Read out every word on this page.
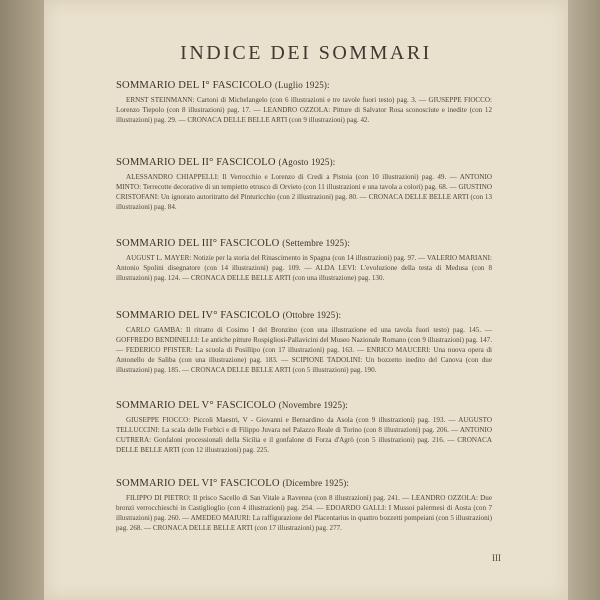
INDICE DEI SOMMARI
SOMMARIO DEL I° FASCICOLO (Luglio 1925):

ERNST STEINMANN: Cartoni di Michelangelo (con 6 illustrazioni e tre tavole fuori testo) pag. 3. — GIUSEPPE FIOCCO: Lorenzo Tiepolo (con 8 illustrazioni) pag. 17. — LEANDRO OZZOLA: Pitture di Salvator Rosa sconosciute e inedite (con 12 illustrazioni) pag. 29. — CRONACA DELLE BELLE ARTI (con 9 illustrazioni) pag. 42.

SOMMARIO DEL II° FASCICOLO (Agosto 1925):

ALESSANDRO CHIAPPELLI: Il Verrocchio e Lorenzo di Credi a Pistoia (con 10 illustrazioni) pag. 49. — ANTONIO MINTO: Terrecotte decorative di un tempietto etrusco di Orvieto (con 11 illustrazioni e una tavola a colori) pag. 68. — GIUSTINO CRISTOFANI: Un ignorato autoritratto del Pinturicchio (con 2 illustrazioni) pag. 80. — CRONACA DELLE BELLE ARTI (con 13 illustrazioni) pag. 84.

SOMMARIO DEL III° FASCICOLO (Settembre 1925):

AUGUST L. MAYER: Notizie per la storia del Rinascimento in Spagna (con 14 illustrazioni) pag. 97. — VALERIO MARIANI: Antonio Spolini disegnatore (con 14 illustrazioni) pag. 109. — ALDA LEVI: L'evoluzione della testa di Medusa (con 8 illustrazioni) pag. 124. — CRONACA DELLE BELLE ARTI (con una illustrazione) pag. 130.

SOMMARIO DEL IV° FASCICOLO (Ottobre 1925):

CARLO GAMBA: Il ritratto di Cosimo I del Bronzino (con una illustrazione ed una tavola fuori testo) pag. 145. — GOFFREDO BENDINELLI: Le antiche pitture Rospigliosi-Pallavicini del Museo Nazionale Romano (con 9 illustrazioni) pag. 147. — FEDERICO PFISTER: La scuola di Posillipo (con 17 illustrazioni) pag. 163. — ENRICO MAUCERI: Una nuova opera di Antonello de Saliba (con una illustrazione) pag. 183. — SCIPIONE TADOLINI: Un bozzetto inedito del Canova (con due illustrazioni) pag. 185. — CRONACA DELLE BELLE ARTI (con 5 illustrazioni) pag. 190.

SOMMARIO DEL V° FASCICOLO (Novembre 1925):

GIUSEPPE FIOCCO: Piccoli Maestri, V - Giovanni e Bernardino da Asola (con 9 illustrazioni) pag. 193. — AUGUSTO TELLUCCINI: La scala delle Forbici e di Filippo Juvara nel Palazzo Reale di Torino (con 8 illustrazioni) pag. 206. — ANTONIO CUTRERA: Gonfaloni processionali della Sicilia e il gonfalone di Forza d'Agrò (con 5 illustrazioni) pag. 216. — CRONACA DELLE BELLE ARTI (con 12 illustrazioni) pag. 225.

SOMMARIO DEL VI° FASCICOLO (Dicembre 1925):

FILIPPO DI PIETRO: Il prisco Sacello di San Vitale a Ravenna (con 8 illustrazioni) pag. 241. — LEANDRO OZZOLA: Due bronzi verrocchieschi in Castiglioglio (con 4 illustrazioni) pag. 254. — EDOARDO GALLI: I Mussoi palermesi di Aosta (con 7 illustrazioni) pag. 260. — AMEDEO MAIURI: La raffigurazione del Placentarius in quattro bozzetti pompeiani (con 5 illustrazioni) pag. 268. — CRONACA DELLE BELLE ARTI (con 17 illustrazioni) pag. 277.

III
